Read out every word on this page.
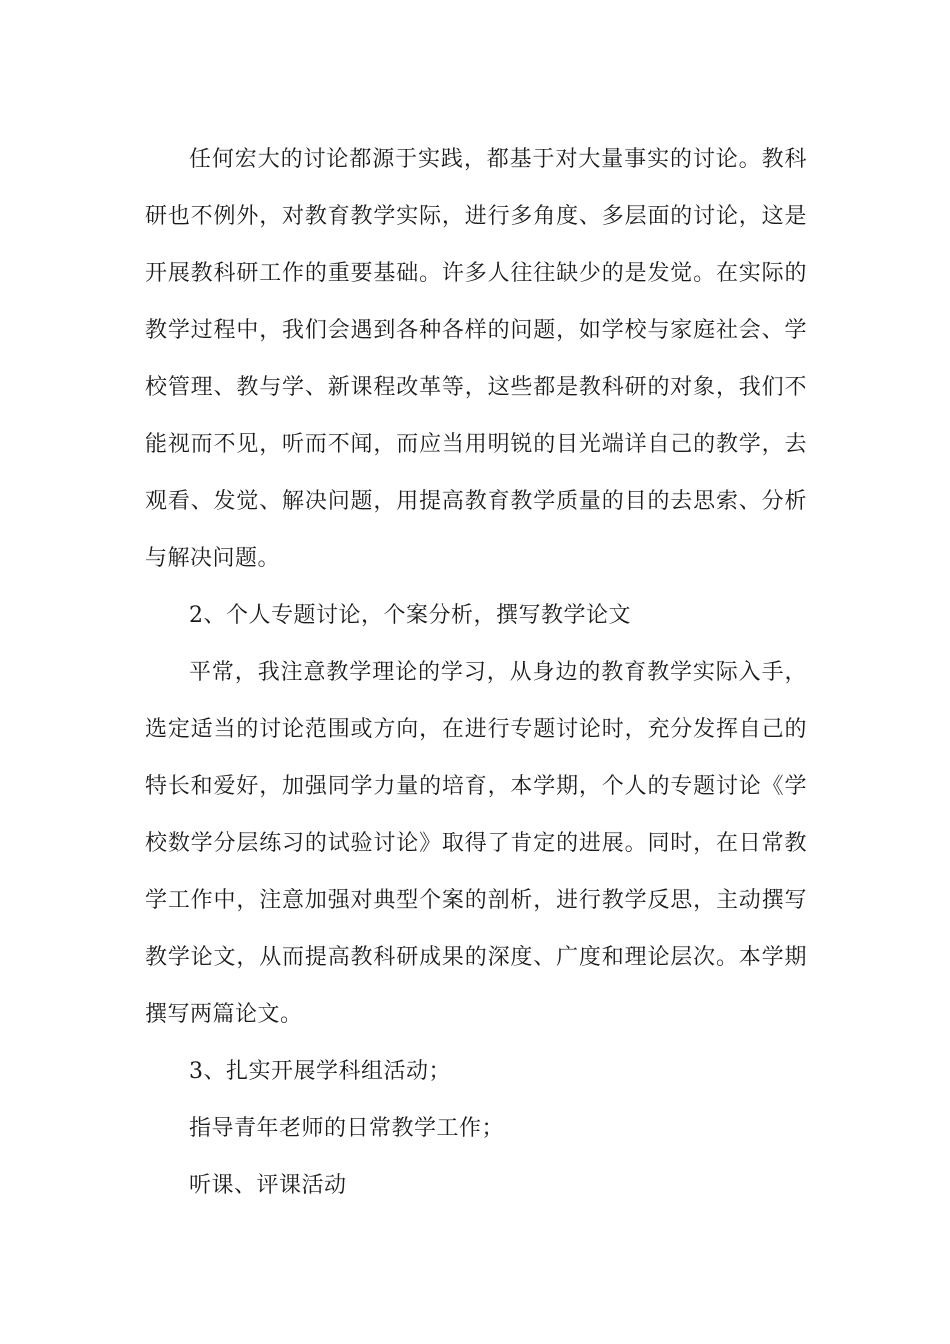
任何宏大的讨论都源于实践，都基于对大量事实的讨论。教科研也不例外，对教育教学实际，进行多角度、多层面的讨论，这是开展教科研工作的重要基础。许多人往往缺少的是发觉。在实际的教学过程中，我们会遇到各种各样的问题，如学校与家庭社会、学校管理、教与学、新课程改革等，这些都是教科研的对象，我们不能视而不见，听而不闻，而应当用明锐的目光端详自己的教学，去观看、发觉、解决问题，用提高教育教学质量的目的去思索、分析与解决问题。

2、个人专题讨论，个案分析，撰写教学论文

平常，我注意教学理论的学习，从身边的教育教学实际入手，选定适当的讨论范围或方向，在进行专题讨论时，充分发挥自己的特长和爱好，加强同学力量的培育，本学期，个人的专题讨论《学校数学分层练习的试验讨论》取得了肯定的进展。同时，在日常教学工作中，注意加强对典型个案的剖析，进行教学反思，主动撰写教学论文，从而提高教科研成果的深度、广度和理论层次。本学期撰写两篇论文。

3、扎实开展学科组活动；

指导青年老师的日常教学工作；

听课、评课活动
